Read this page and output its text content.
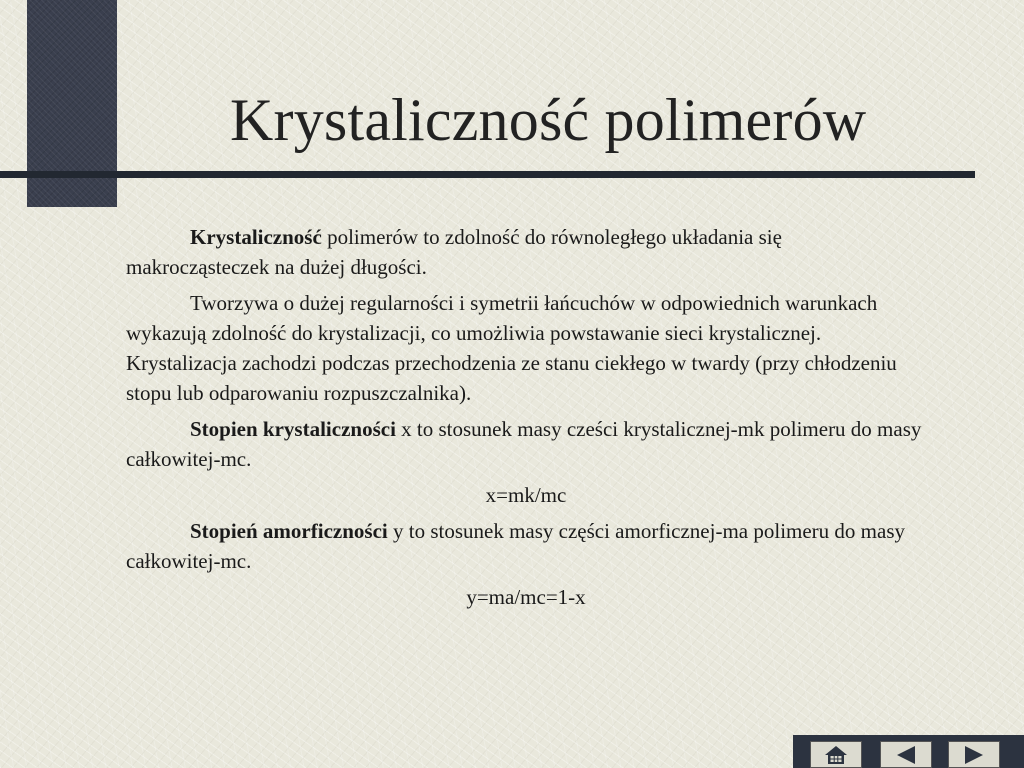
Krystaliczność polimerów

Krystaliczność polimerów to zdolność do równoległego układania się makrocząsteczek na dużej długości.

Tworzywa o dużej regularności i symetrii łańcuchów w odpowiednich warunkach wykazują zdolność do krystalizacji, co umożliwia powstawanie sieci krystalicznej. Krystalizacja zachodzi podczas przechodzenia ze stanu ciekłego w twardy (przy chłodzeniu stopu lub odparowaniu rozpuszczalnika).

Stopien krystaliczności x to stosunek masy cześci krystalicznej-mk polimeru do masy całkowitej-mc.

x=mk/mc

Stopień amorficzności y to stosunek masy części amorficznej-ma polimeru do masy całkowitej-mc.

y=ma/mc=1-x
